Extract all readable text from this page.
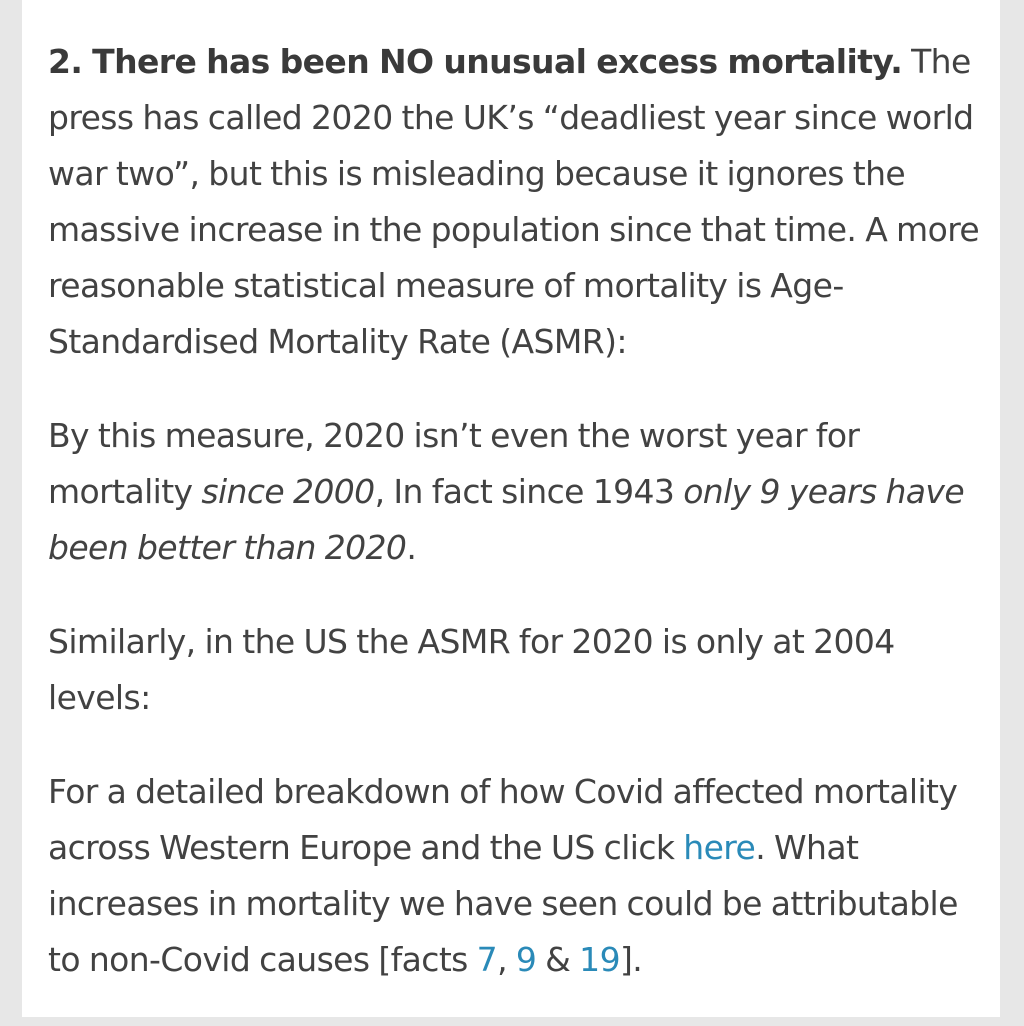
2. There has been NO unusual excess mortality. The press has called 2020 the UK’s “deadliest year since world war two”, but this is misleading because it ignores the massive increase in the population since that time. A more reasonable statistical measure of mortality is Age-Standardised Mortality Rate (ASMR):

By this measure, 2020 isn’t even the worst year for mortality since 2000, In fact since 1943 only 9 years have been better than 2020.

Similarly, in the US the ASMR for 2020 is only at 2004 levels:

For a detailed breakdown of how Covid affected mortality across Western Europe and the US click here. What increases in mortality we have seen could be attributable to non-Covid causes [facts 7, 9 & 19].
